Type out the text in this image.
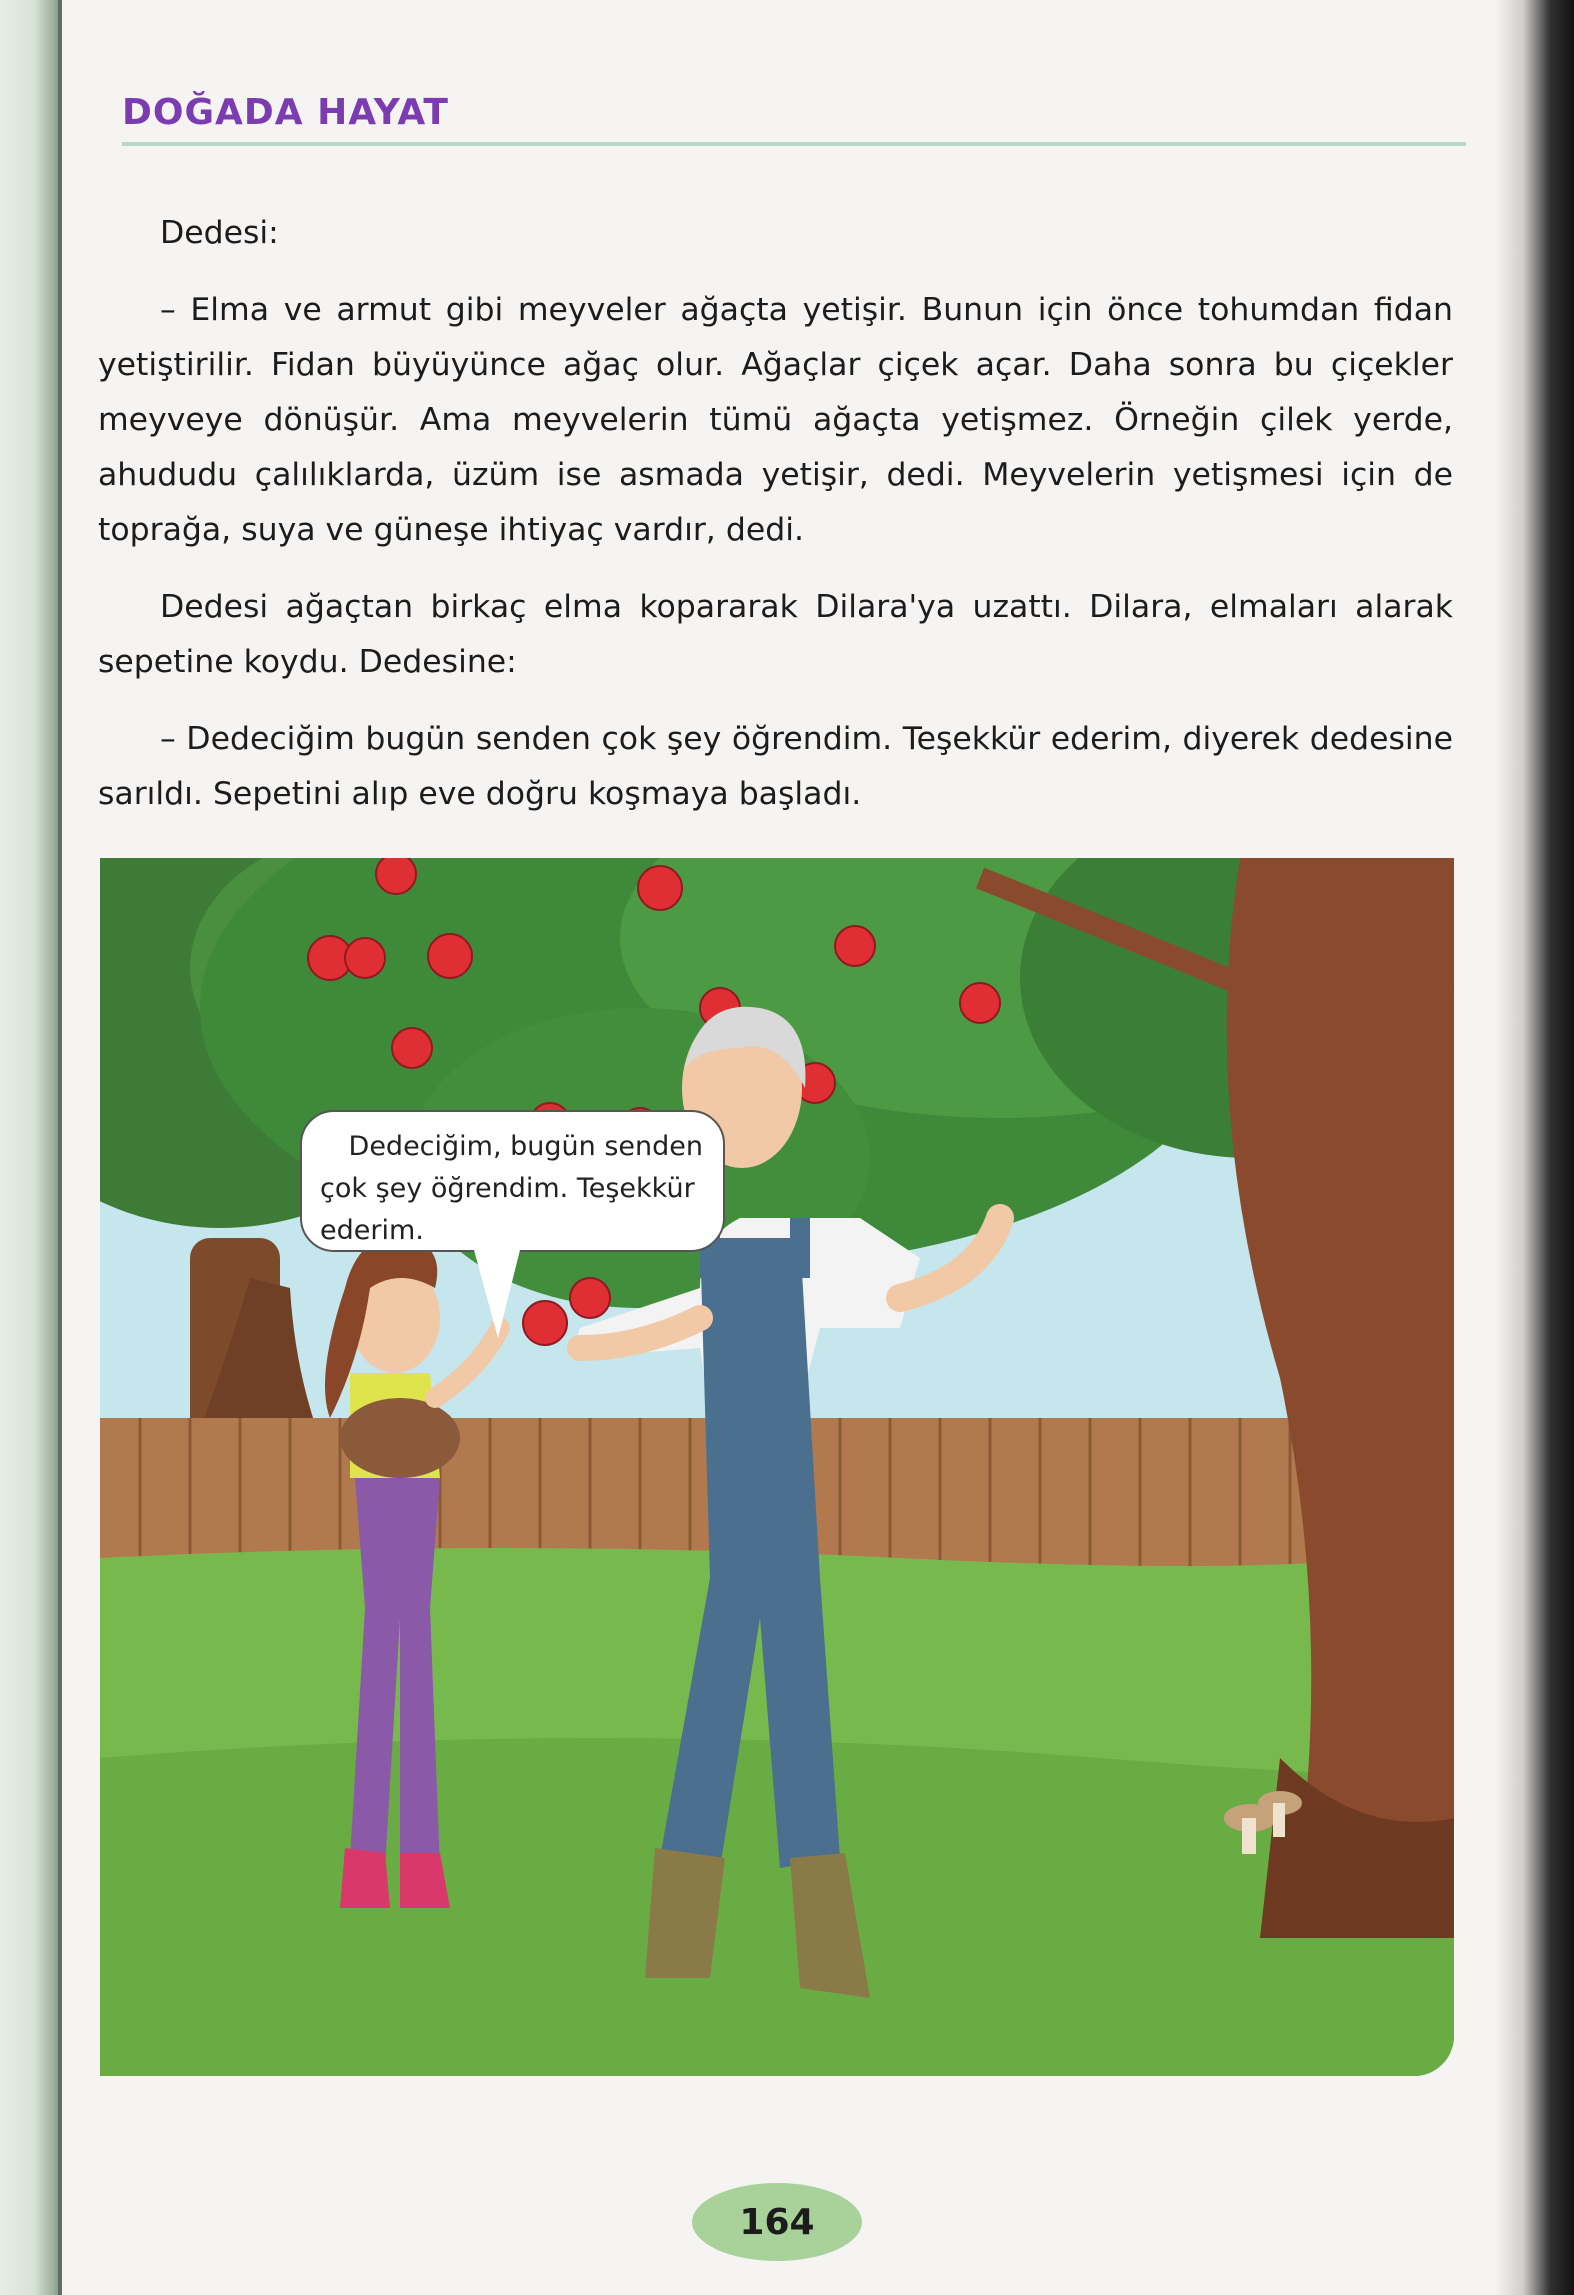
DOĞADA HAYAT

Dedesi:

– Elma ve armut gibi meyveler ağaçta yetişir. Bunun için önce tohumdan fidan yetiştirilir. Fidan büyüyünce ağaç olur. Ağaçlar çiçek açar. Daha sonra bu çiçekler meyveye dönüşür. Ama meyvelerin tümü ağaçta yetişmez. Örneğin çilek yerde, ahududu çalılıklarda, üzüm ise asmada yetişir, dedi. Meyvelerin yetişmesi için de toprağa, suya ve güneşe ihtiyaç vardır, dedi.

Dedesi ağaçtan birkaç elma kopararak Dilara'ya uzattı. Dilara, elmaları alarak sepetine koydu. Dedesine:

– Dedeciğim bugün senden çok şey öğrendim. Teşekkür ederim, diyerek dedesine sarıldı. Sepetini alıp eve doğru koşmaya başladı.

Dedeciğim, bugün senden
çok şey öğrendim. Teşekkür
ederim.
164
